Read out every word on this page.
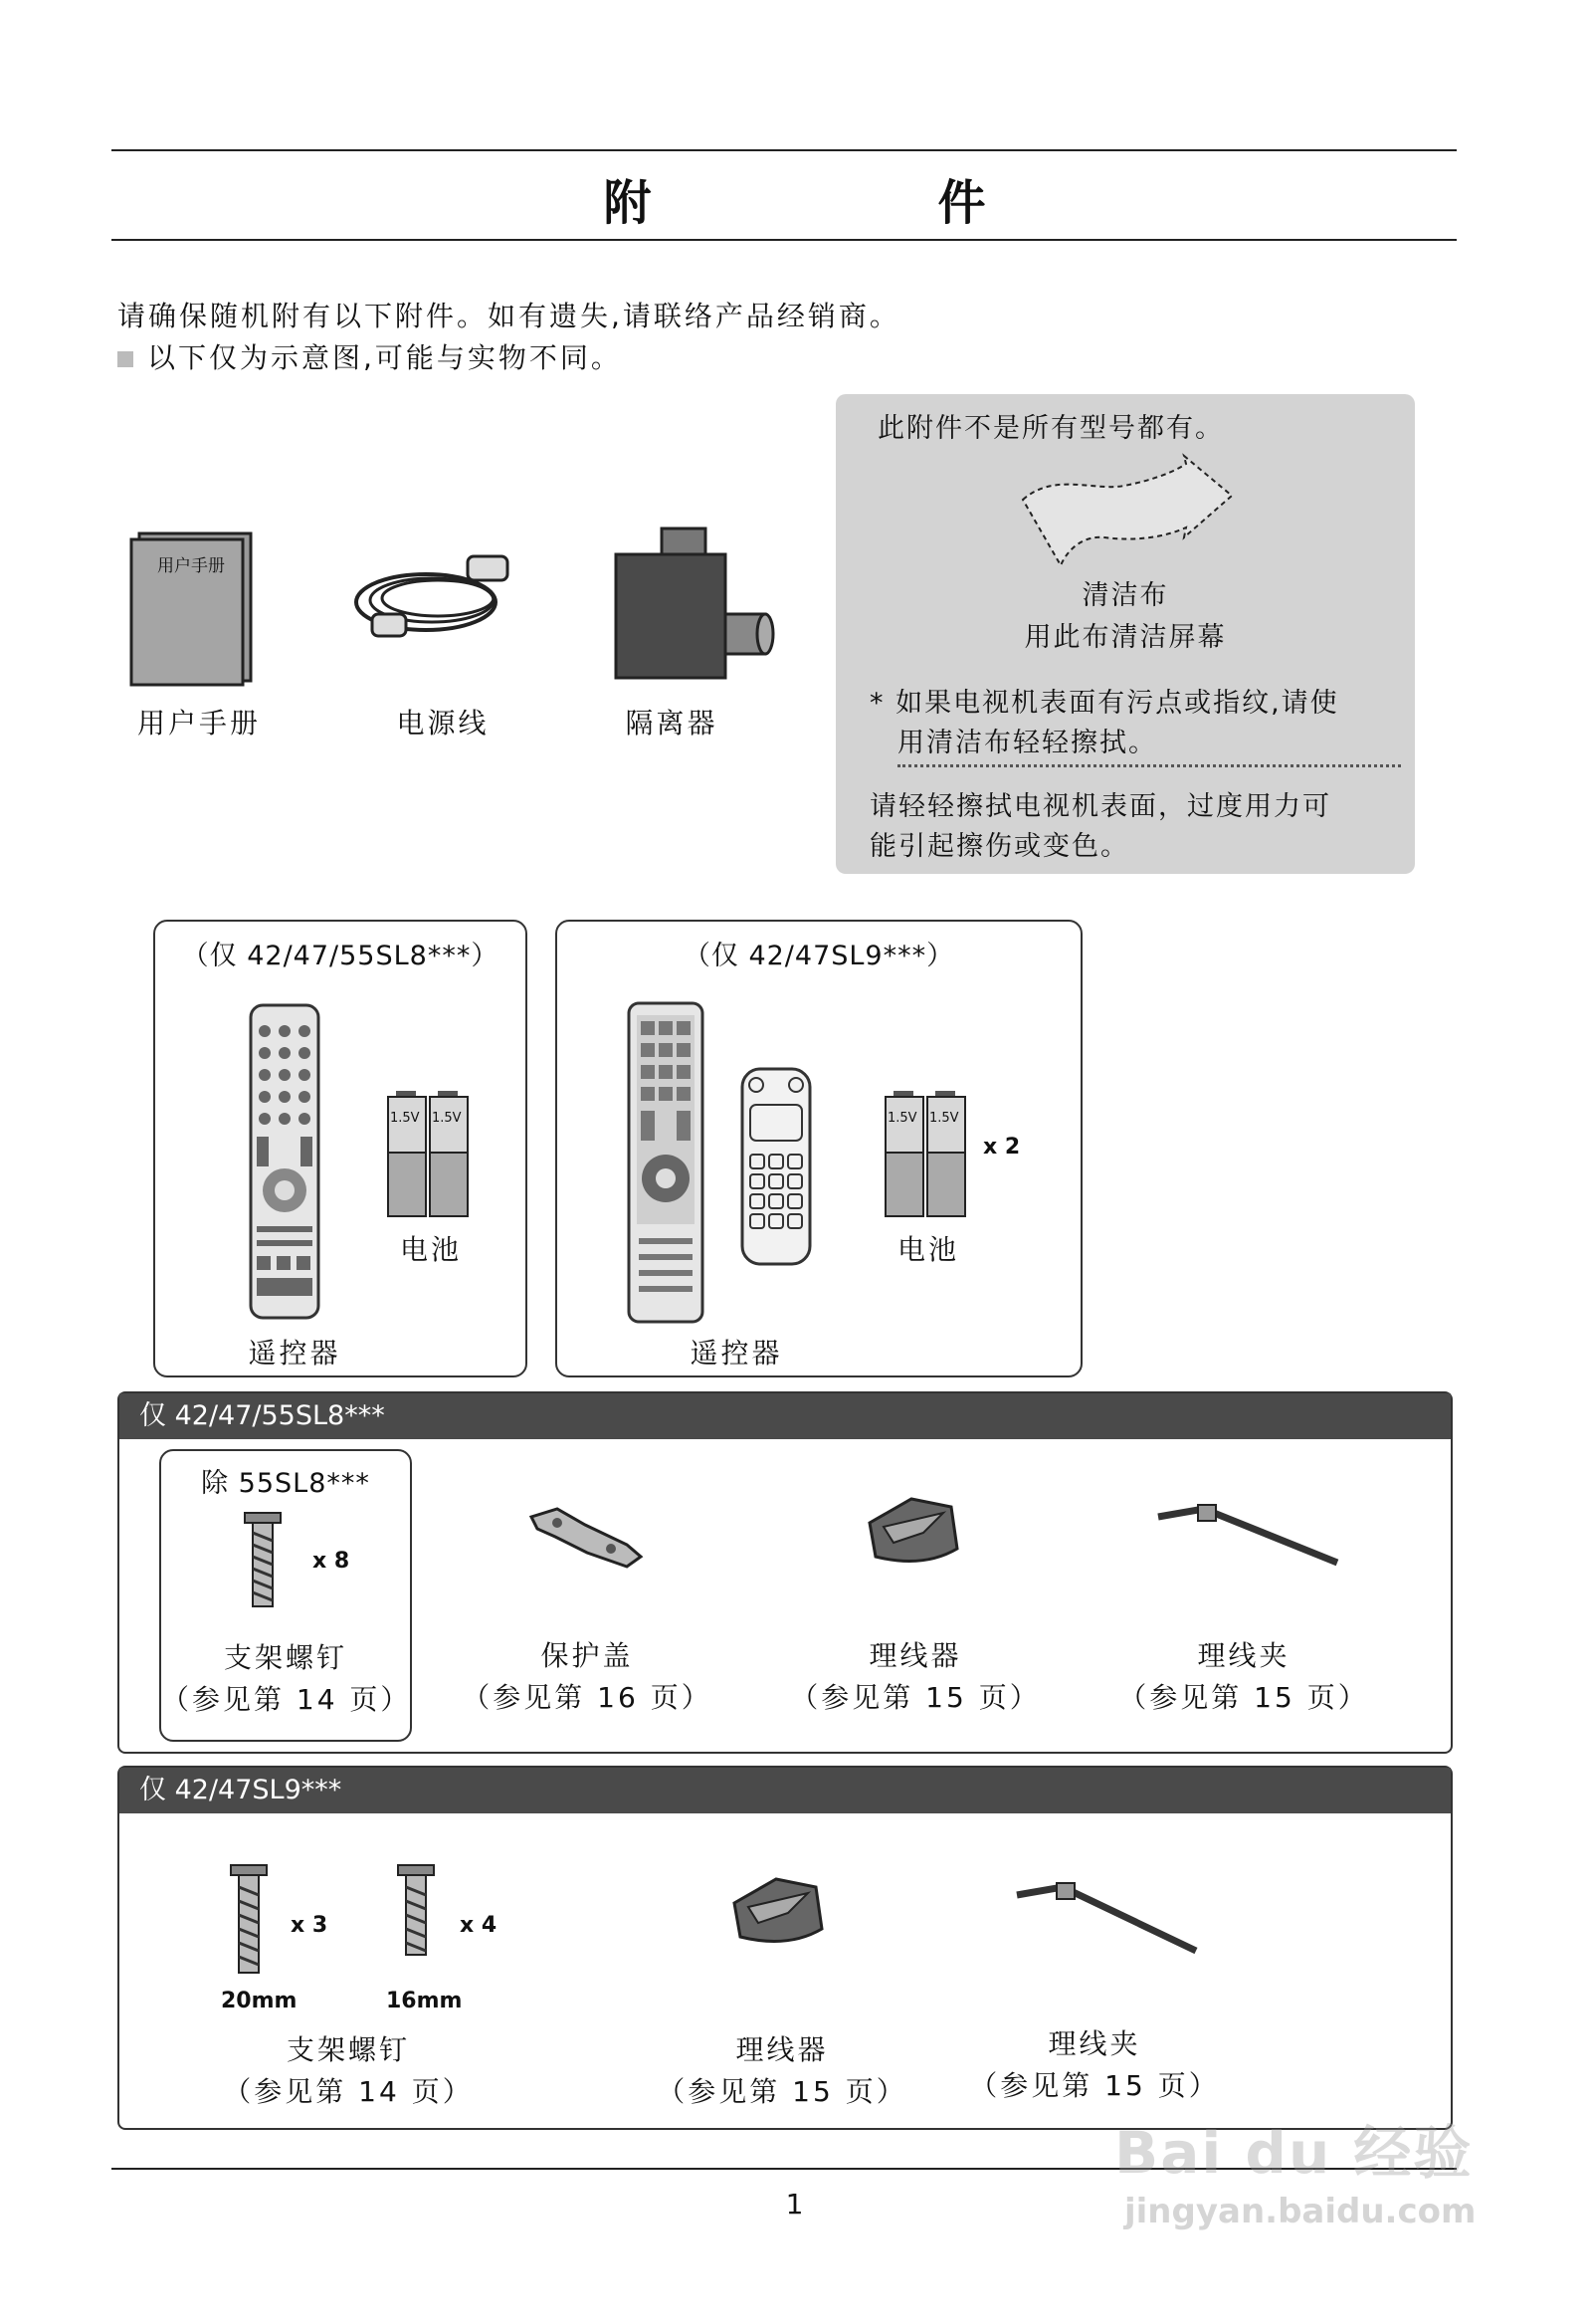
附　件
请确保随机附有以下附件。如有遗失,请联络产品经销商。
以下仅为示意图,可能与实物不同。
用户手册
用户手册	电源线	隔离器
此附件不是所有型号都有。
清洁布
用此布清洁屏幕
* 如果电视机表面有污点或指纹,请使
用清洁布轻轻擦拭。
请轻轻擦拭电视机表面，过度用力可
能引起擦伤或变色。
（仅 42/47/55SL8***）
1.5V 1.5V
电池
遥控器
（仅 42/47SL9***）
1.5V 1.5V
x 2
电池
遥控器
仅 42/47/55SL8***
除 55SL8***
x 8
支架螺钉
（参见第 14 页）
保护盖
（参见第 16 页）
理线器
（参见第 15 页）
理线夹
（参见第 15 页）
仅 42/47SL9***
x 3
20mm
x 4
16mm
支架螺钉
（参见第 14 页）
理线器
（参见第 15 页）
理线夹
（参见第 15 页）
1
Bai du 经验
jingyan.baidu.com
